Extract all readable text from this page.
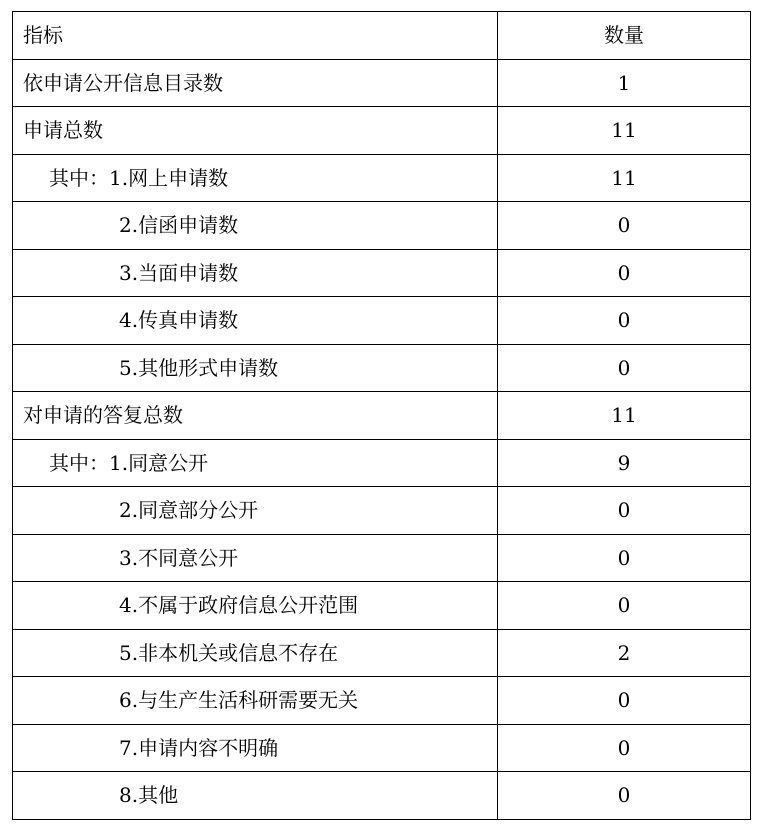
指标	数量
依申请公开信息目录数	1
申请总数	11
其中：1.网上申请数	11
2.信函申请数	0
3.当面申请数	0
4.传真申请数	0
5.其他形式申请数	0
对申请的答复总数	11
其中：1.同意公开	9
2.同意部分公开	0
3.不同意公开	0
4.不属于政府信息公开范围	0
5.非本机关或信息不存在	2
6.与生产生活科研需要无关	0
7.申请内容不明确	0
8.其他	0
